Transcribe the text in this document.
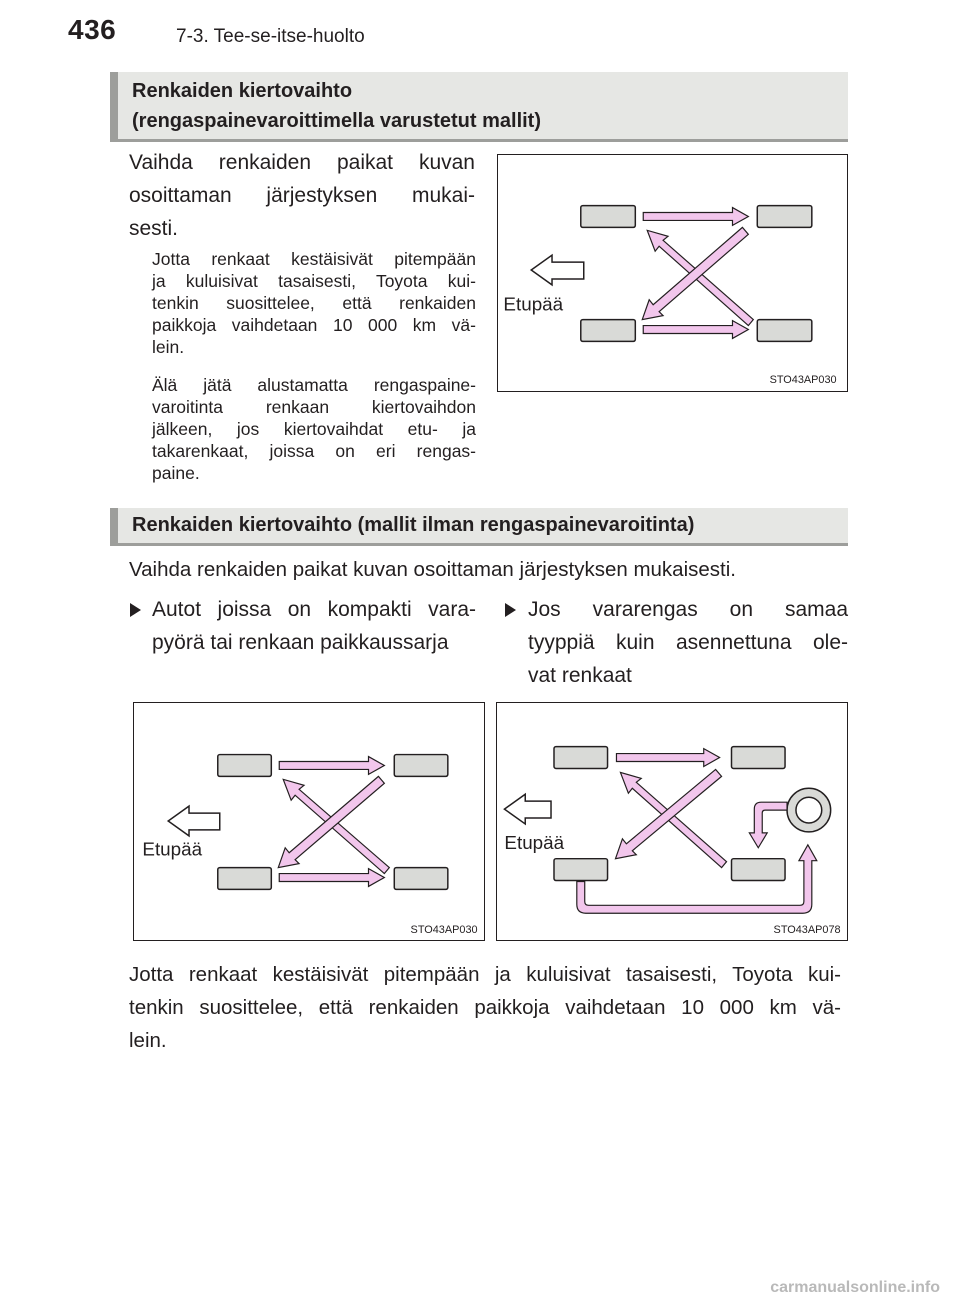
436	7-3. Tee-se-itse-huolto
Renkaiden kiertovaihto
(rengaspainevaroittimella varustetut mallit)
Vaihda renkaiden paikat kuvan
osoittaman järjestyksen mukai-
sesti.
Jotta renkaat kestäisivät pitempään
ja kuluisivat tasaisesti, Toyota kui-
tenkin suosittelee, että renkaiden
paikkoja vaihdetaan 10 000 km vä-
lein.
Älä jätä alustamatta rengaspaine-
varoitinta renkaan kiertovaihdon
jälkeen, jos kiertovaihdat etu- ja
takarenkaat, joissa on eri rengas-
paine.
Etupää
STO43AP030
Renkaiden kiertovaihto (mallit ilman rengaspainevaroitinta)
Vaihda renkaiden paikat kuvan osoittaman järjestyksen mukaisesti.
Autot joissa on kompakti vara-
pyörä tai renkaan paikkaussarja
Jos vararengas on samaa
tyyppiä kuin asennettuna ole-
vat renkaat
Etupää
STO43AP030
Etupää
STO43AP078
Jotta renkaat kestäisivät pitempään ja kuluisivat tasaisesti, Toyota kui-
tenkin suosittelee, että renkaiden paikkoja vaihdetaan 10 000 km vä-
lein.
carmanualsonline.info
